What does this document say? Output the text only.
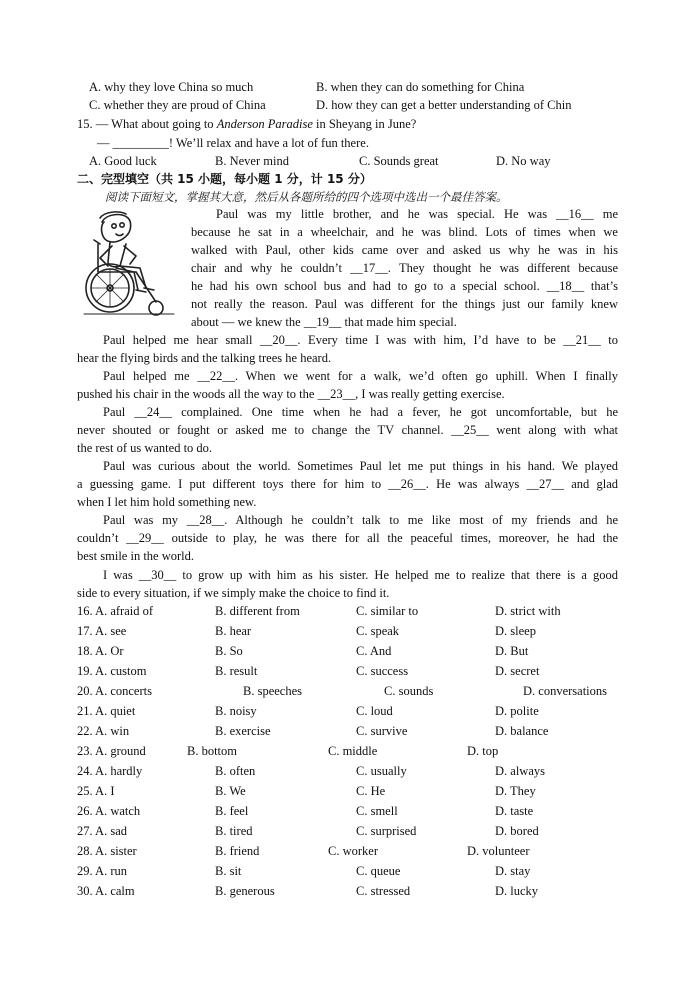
A. why they love China so much	B. when they can do something for China
C. whether they are proud of China	D. how they can get a better understanding of Chin
15. — What about going to Anderson Paradise in Sheyang in June?
— _________! We’ll relax and have a lot of fun there.
A. Good luck	B. Never mind	C. Sounds great	D. No way
二、完型填空（共 15 小题，每小题 1 分，计 15 分）
阅读下面短文，掌握其大意，然后从各题所给的四个选项中选出一个最佳答案。
Paul was my little brother, and he was special. He was __16__ me
because he sat in a wheelchair, and he was blind. Lots of times when we
walked with Paul, other kids came over and asked us why he was in his
chair and why he couldn’t __17__. They thought he was different because
he had his own school bus and had to go to a special school. __18__ that’s
not really the reason. Paul was different for the things just our family knew
about — we knew the __19__ that made him special.
Paul helped me hear small __20__. Every time I was with him, I’d have to be __21__ to
hear the flying birds and the talking trees he heard.
Paul helped me __22__. When we went for a walk, we’d often go uphill. When I finally
pushed his chair in the woods all the way to the __23__, I was really getting exercise.
Paul __24__ complained. One time when he had a fever, he got uncomfortable, but he
never shouted or fought or asked me to change the TV channel. __25__ went along with what
the rest of us wanted to do.
Paul was curious about the world. Sometimes Paul let me put things in his hand. We played
a guessing game. I put different toys there for him to __26__. He was always __27__ and glad
when I let him hold something new.
Paul was my __28__. Although he couldn’t talk to me like most of my friends and he
couldn’t __29__ outside to play, he was there for all the peaceful times, moreover, he had the
best smile in the world.
I was __30__ to grow up with him as his sister. He helped me to realize that there is a good
side to every situation, if we simply make the choice to find it.
16. A. afraid of	B. different from	C. similar to	D. strict with
17. A. see	B. hear	C. speak	D. sleep
18. A. Or	B. So	C. And	D. But
19. A. custom	B. result	C. success	D. secret
20. A. concerts	B. speeches	C. sounds	D. conversations
21. A. quiet	B. noisy	C. loud	D. polite
22. A. win	B. exercise	C. survive	D. balance
23. A. ground	B. bottom	C. middle	D. top
24. A. hardly	B. often	C. usually	D. always
25. A. I	B. We	C. He	D. They
26. A. watch	B. feel	C. smell	D. taste
27. A. sad	B. tired	C. surprised	D. bored
28. A. sister	B. friend	C. worker	D. volunteer
29. A. run	B. sit	C. queue	D. stay
30. A. calm	B. generous	C. stressed	D. lucky
